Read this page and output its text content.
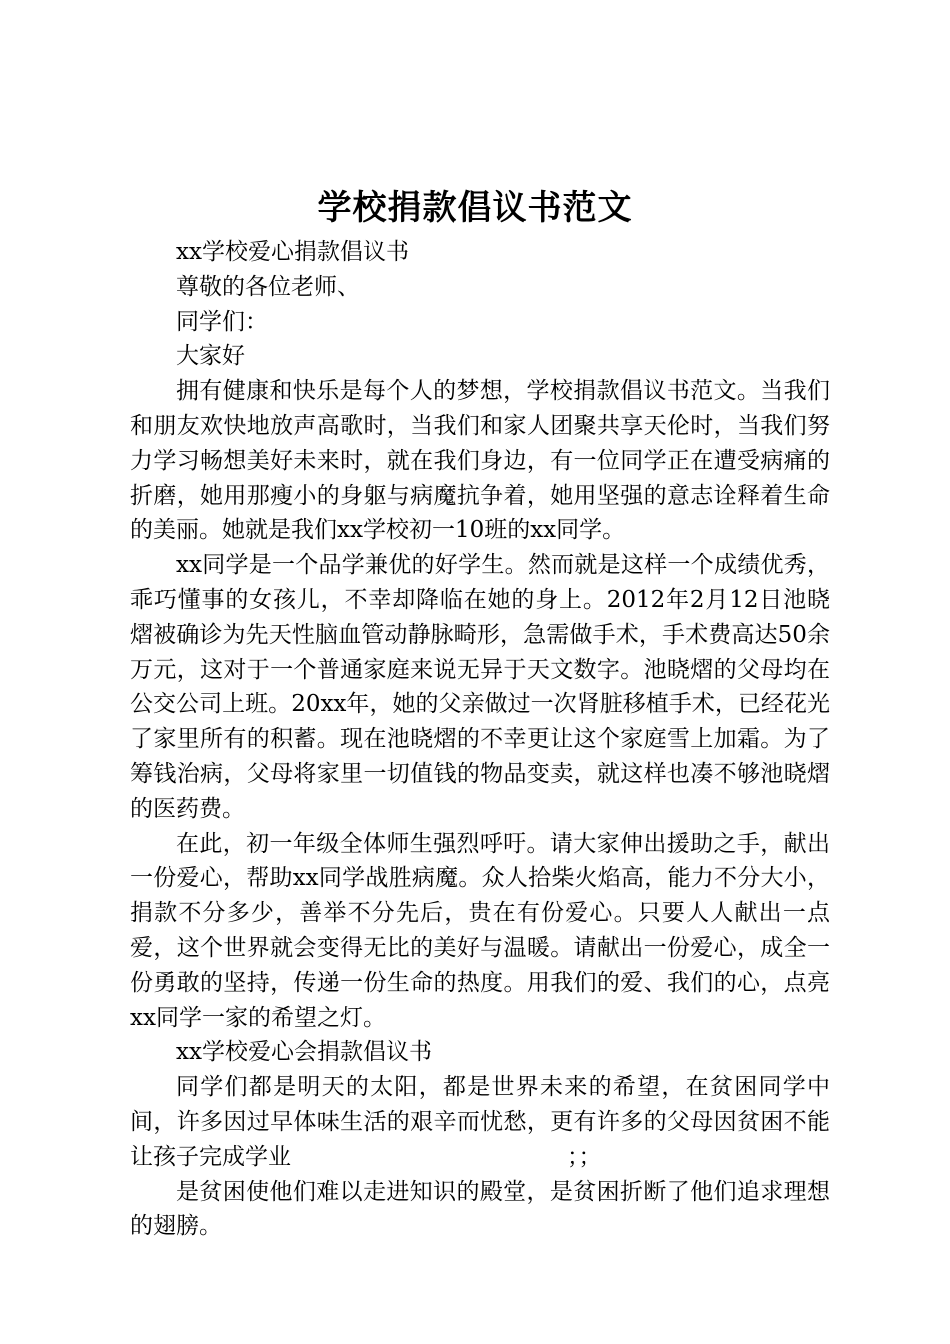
学校捐款倡议书范文

xx学校爱心捐款倡议书

尊敬的各位老师、

同学们：

大家好

拥有健康和快乐是每个人的梦想，学校捐款倡议书范文。当我们和朋友欢快地放声高歌时，当我们和家人团聚共享天伦时，当我们努力学习畅想美好未来时，就在我们身边，有一位同学正在遭受病痛的折磨，她用那瘦小的身躯与病魔抗争着，她用坚强的意志诠释着生命的美丽。她就是我们xx学校初一10班的xx同学。

xx同学是一个品学兼优的好学生。然而就是这样一个成绩优秀，乖巧懂事的女孩儿，不幸却降临在她的身上。2012年2月12日池晓熠被确诊为先天性脑血管动静脉畸形，急需做手术，手术费高达50余万元，这对于一个普通家庭来说无异于天文数字。池晓熠的父母均在公交公司上班。20xx年，她的父亲做过一次肾脏移植手术，已经花光了家里所有的积蓄。现在池晓熠的不幸更让这个家庭雪上加霜。为了筹钱治病，父母将家里一切值钱的物品变卖，就这样也凑不够池晓熠的医药费。

在此，初一年级全体师生强烈呼吁。请大家伸出援助之手，献出一份爱心，帮助xx同学战胜病魔。众人拾柴火焰高，能力不分大小，捐款不分多少，善举不分先后，贵在有份爱心。只要人人献出一点爱，这个世界就会变得无比的美好与温暖。请献出一份爱心，成全一份勇敢的坚持，传递一份生命的热度。用我们的爱、我们的心，点亮xx同学一家的希望之灯。

xx学校爱心会捐款倡议书

同学们都是明天的太阳，都是世界未来的希望，在贫困同学中间，许多因过早体味生活的艰辛而忧愁，更有许多的父母因贫困不能让孩子完成学业　　　　　　　　　　　　；；

是贫困使他们难以走进知识的殿堂，是贫困折断了他们追求理想的翅膀。
